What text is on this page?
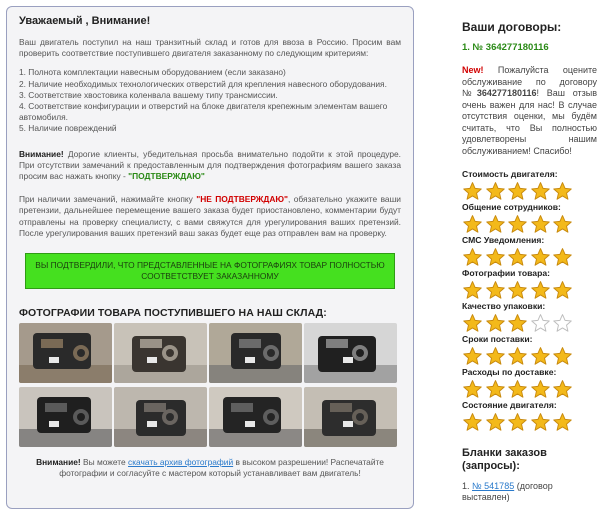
Уважаемый , Внимание!
Ваш двигатель поступил на наш транзитный склад и готов для ввоза в Россию. Просим вам проверить соответствие поступившего двигателя заказанному по следующим критериям:
1. Полнота комплектации навесным оборудованием (если заказано)
2. Наличие необходимых технологических отверстий для крепления навесного оборудования.
3. Соответствие хвостовика коленвала вашему типу трансмиссии.
4. Соответствие конфигурации и отверстий на блоке двигателя крепежным элементам вашего автомобиля.
5. Наличие повреждений
Внимание! Дорогие клиенты, убедительная просьба внимательно подойти к этой процедуре. При отсутствии замечаний к предоставленным для подтверждения фотографиям вашего заказа просим вас нажать кнопку - "ПОДТВЕРЖДАЮ"
При наличии замечаний, нажимайте кнопку "НЕ ПОДТВЕРЖДАЮ", обязательно укажите ваши претензии, дальнейшее перемещение вашего заказа будет приостановлено, комментарии будут отправлены на проверку специалисту, с вами свяжутся для урегулирования ваших претензий. После урегулирования ваших претензий ваш заказ будет еще раз отправлен вам на проверку.
ВЫ ПОДТВЕРДИЛИ, ЧТО ПРЕДСТАВЛЕННЫЕ НА ФОТОГРАФИЯХ ТОВАР ПОЛНОСТЬЮ СООТВЕТСТВУЕТ ЗАКАЗАННОМУ
ФОТОГРАФИИ ТОВАРА ПОСТУПИВШЕГО НА НАШ СКЛАД:
Внимание! Вы можете скачать архив фотографий в высоком разрешении! Распечатайте фотографии и согласуйте с мастером который устанавливает вам двигатель!
Ваши договоры:
1. № 364277180116
New! Пожалуйста оцените обслуживание по договору №364277180116! Ваш отзыв очень важен для нас! В случае отсутствия оценки, мы будём считать, что Вы полностью удовлетворены нашим обслуживанием! Спасибо!
Стоимость двигателя:
Общение сотрудников:
СМС Уведомления:
Фотографии товара:
Качество упаковки:
Сроки поставки:
Расходы по доставке:
Состояние двигателя:
Бланки заказов (запросы):
1. № 541785 (договор выставлен)
